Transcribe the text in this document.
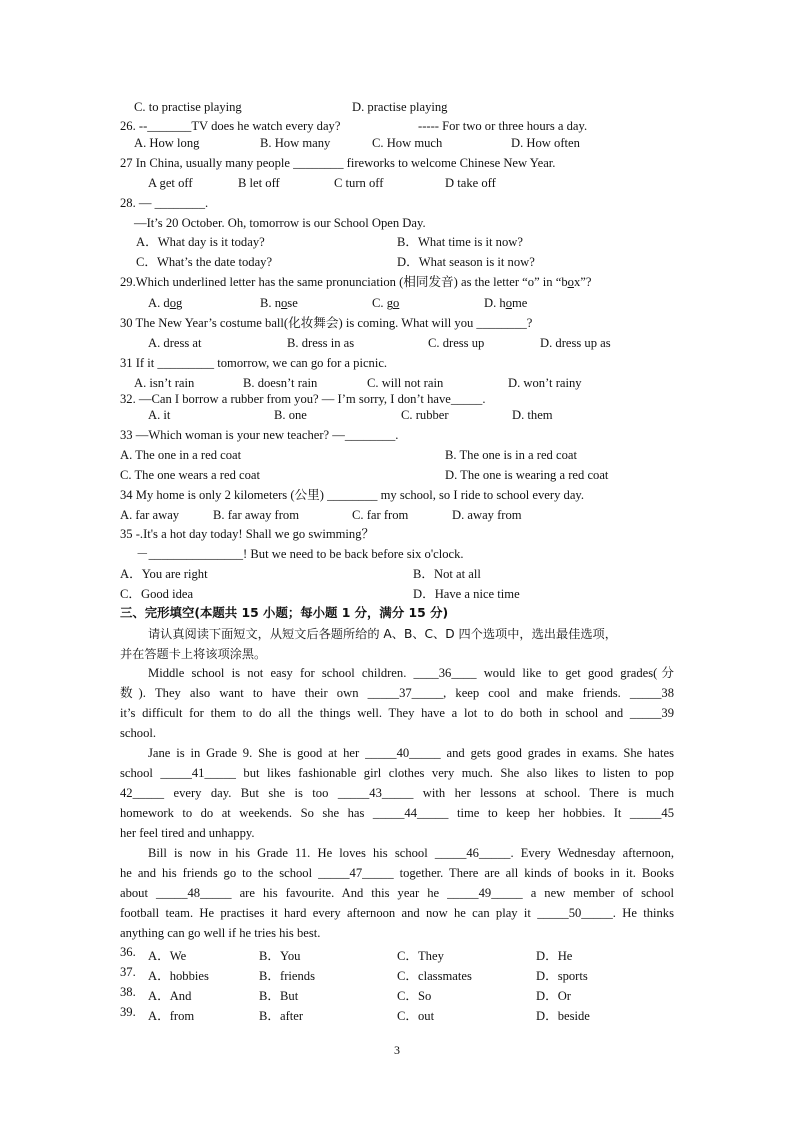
C. to practise playing	D. practise playing
26. --_______TV does he watch every day?	----- For two or three hours a day.
A. How long	B. How many	C. How much	D. How often
27 In China, usually many people ________ fireworks to welcome Chinese New Year.
A get off	B let off	C turn off	D take off
28. — ________.
—It’s 20 October. Oh, tomorrow is our School Open Day.
A．What day is it today?	B．What time is it now?
C．What’s the date today?	D．What season is it now?
29.Which underlined letter has the same pronunciation (相同发音) as the letter “o” in “box”?
A. dog	B. nose	C. go	D. home
30 The New Year’s costume ball(化妆舞会) is coming. What will you ________?
A. dress at	B. dress in as	C. dress up	D. dress up as
31 If it _________ tomorrow, we can go for a picnic.
A. isn’t rain	B. doesn’t rain	C. will not rain	D. won’t rainy
32. —Can I borrow a rubber from you? — I’m sorry, I don’t have_____.
A. it	B. one	C. rubber	D. them
33 —Which woman is your new teacher? —________.
A. The one in a red coat	B. The one is in a red coat
C. The one wears a red coat	D. The one is wearing a red coat
34 My home is only 2 kilometers (公里) ________ my school, so I ride to school every day.
A. far away	B. far away from	C. far from	D. away from
35 -.It's a hot day today! Shall we go swimming？
－_______________! But we need to be back before six o'clock.
A．You are right	B．Not at all
C．Good idea	D．Have a nice time
三、完形填空(本题共 15 小题；每小题 1 分，满分 15 分)
请认真阅读下面短文，从短文后各题所给的 A、B、C、D 四个选项中，选出最佳选项，
并在答题卡上将该项涂黑。
Middle school is not easy for school children. ____36____ would like to get good grades(分
数). They also want to have their own _____37_____, keep cool and make friends. _____38
it’s difficult for them to do all the things well. They have a lot to do both in school and _____39
school.
Jane is in Grade 9. She is good at her _____40_____ and gets good grades in exams. She hates
school _____41_____ but likes fashionable girl clothes very much. She also likes to listen to pop
42_____ every day. But she is too _____43_____ with her lessons at school. There is much
homework to do at weekends. So she has _____44_____ time to keep her hobbies. It _____45
her feel tired and unhappy.
Bill is now in his Grade 11. He loves his school _____46_____. Every Wednesday afternoon,
he and his friends go to the school _____47_____ together. There are all kinds of books in it. Books
about _____48_____ are his favourite. And this year he _____49_____ a new member of school
football team. He practises it hard every afternoon and now he can play it _____50_____. He thinks
anything can go well if he tries his best.
36. A．We	B．You	C．They	D．He
37. A．hobbies	B．friends	C．classmates	D．sports
38. A．And	B．But	C．So	D．Or
39. A．from	B．after	C．out	D．beside
3
